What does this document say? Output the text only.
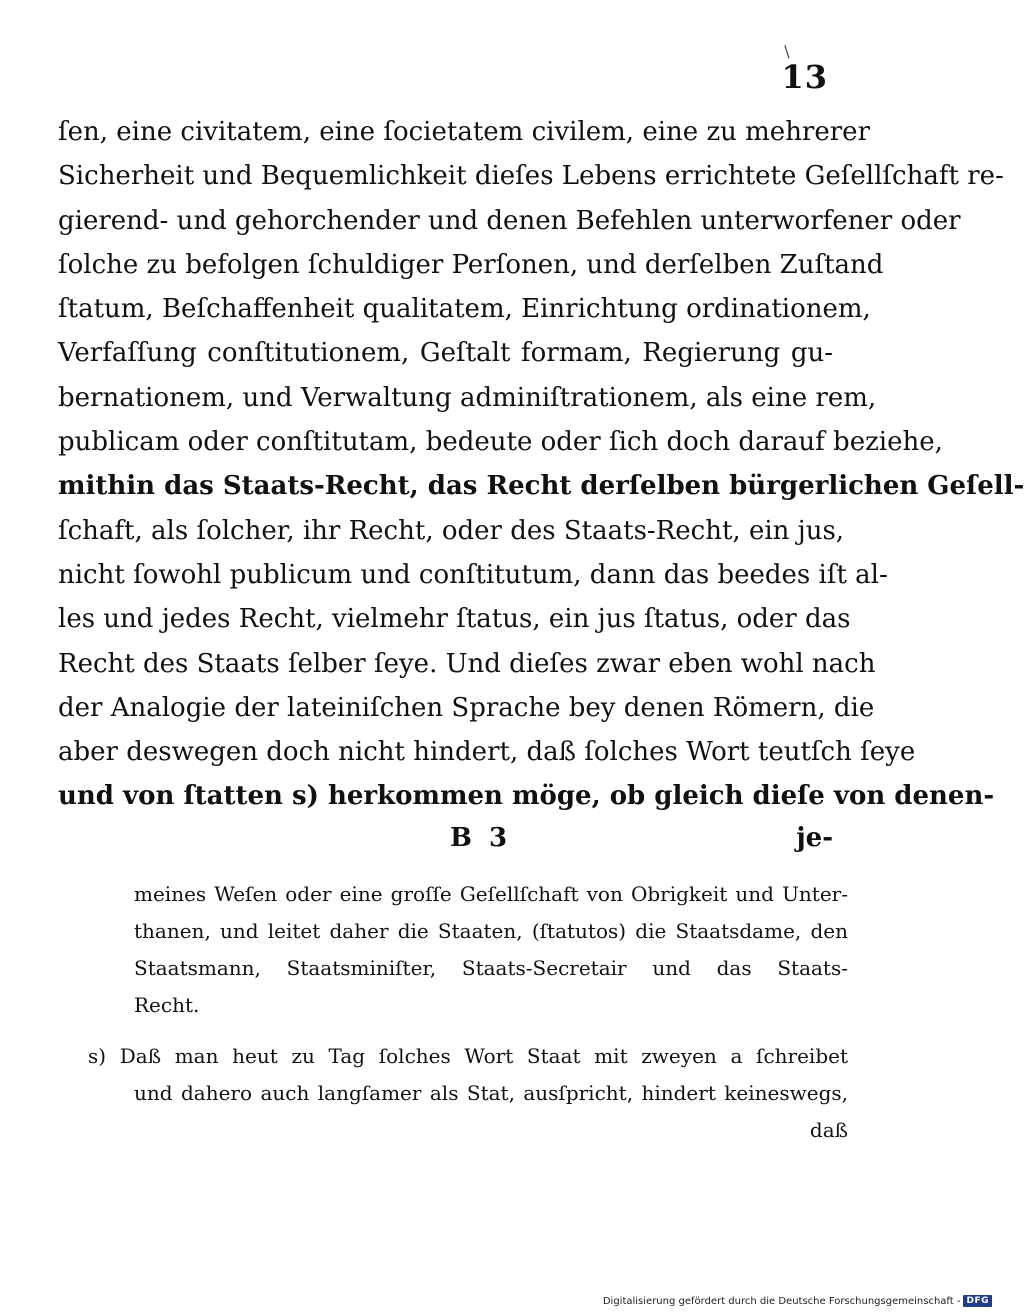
/
13
ſen, eine civitatem, eine ſocietatem civilem, eine zu mehrerer
Sicherheit und Bequemlichkeit dieſes Lebens errichtete Geſellſchaft re-
gierend- und gehorchender und denen Befehlen unterworfener oder
ſolche zu befolgen ſchuldiger Perſonen, und derſelben Zuſtand
ſtatum, Beſchaffenheit qualitatem, Einrichtung ordinationem,
Verfaſſung conſtitutionem, Geſtalt formam, Regierung gu-
bernationem, und Verwaltung adminiſtrationem, als eine rem,
publicam oder conſtitutam, bedeute oder ſich doch darauf beziehe,
mithin das Staats-Recht, das Recht derſelben bürgerlichen Geſell-
ſchaft, als ſolcher, ihr Recht, oder des Staats-Recht, ein jus,
nicht ſowohl publicum und conſtitutum, dann das beedes iſt al-
les und jedes Recht, vielmehr ſtatus, ein jus ſtatus, oder das
Recht des Staats ſelber ſeye. Und dieſes zwar eben wohl nach
der Analogie der lateiniſchen Sprache bey denen Römern, die
aber deswegen doch nicht hindert, daß ſolches Wort teutſch ſeye
und von ſtatten s) herkommen möge, ob gleich dieſe von denen-
B 3	je-
meines Weſen oder eine groſſe Geſellſchaft von Obrigkeit und Unter-
thanen, und leitet daher die Staaten, (ſtatutos) die Staatsdame, den
Staatsmann, Staatsminiſter, Staats-Secretair und das Staats-
Recht.
s) Daß man heut zu Tag ſolches Wort Staat mit zweyen a ſchreibet
und dahero auch langſamer als Stat, ausſpricht, hindert keineswegs,
daß
Digitalisierung gefördert durch die Deutsche Forschungsgemeinschaft - DFG
